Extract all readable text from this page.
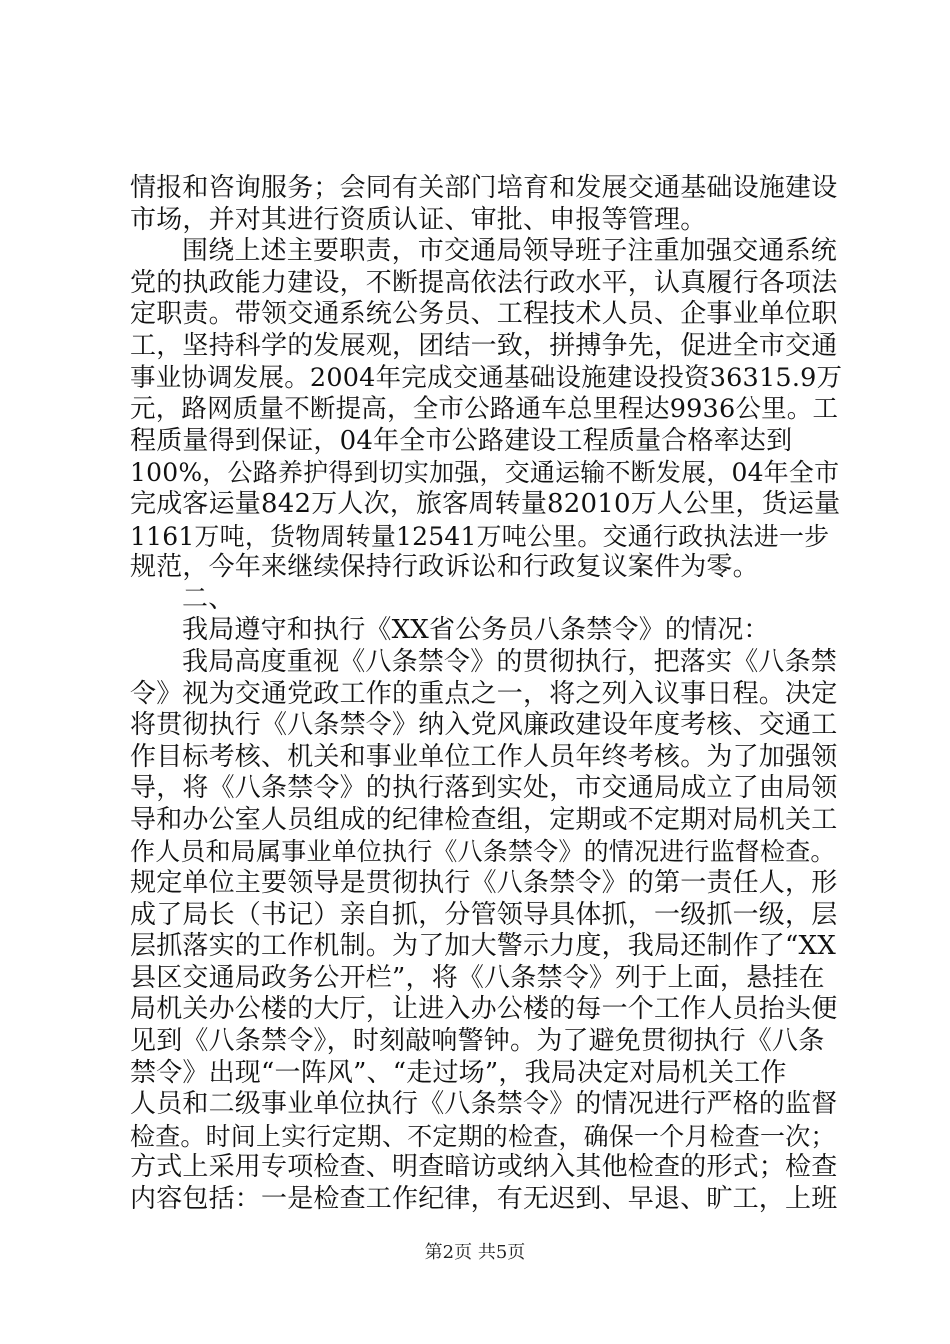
情报和咨询服务；会同有关部门培育和发展交通基础设施建设
市场，并对其进行资质认证、审批、申报等管理。
围绕上述主要职责，市交通局领导班子注重加强交通系统
党的执政能力建设，不断提高依法行政水平，认真履行各项法
定职责。带领交通系统公务员、工程技术人员、企事业单位职
工，坚持科学的发展观，团结一致，拼搏争先，促进全市交通
事业协调发展。2004年完成交通基础设施建设投资36315.9万
元，路网质量不断提高，全市公路通车总里程达9936公里。工
程质量得到保证，04年全市公路建设工程质量合格率达到
100%，公路养护得到切实加强，交通运输不断发展，04年全市
完成客运量842万人次，旅客周转量82010万人公里，货运量
1161万吨，货物周转量12541万吨公里。交通行政执法进一步
规范，今年来继续保持行政诉讼和行政复议案件为零。
二、
我局遵守和执行《XX省公务员八条禁令》的情况：
我局高度重视《八条禁令》的贯彻执行，把落实《八条禁
令》视为交通党政工作的重点之一，将之列入议事日程。决定
将贯彻执行《八条禁令》纳入党风廉政建设年度考核、交通工
作目标考核、机关和事业单位工作人员年终考核。为了加强领
导，将《八条禁令》的执行落到实处，市交通局成立了由局领
导和办公室人员组成的纪律检查组，定期或不定期对局机关工
作人员和局属事业单位执行《八条禁令》的情况进行监督检查。
规定单位主要领导是贯彻执行《八条禁令》的第一责任人，形
成了局长（书记）亲自抓，分管领导具体抓，一级抓一级，层
层抓落实的工作机制。为了加大警示力度，我局还制作了“XX
县区交通局政务公开栏”，将《八条禁令》列于上面，悬挂在
局机关办公楼的大厅，让进入办公楼的每一个工作人员抬头便
见到《八条禁令》，时刻敲响警钟。为了避免贯彻执行《八条
禁令》出现“一阵风”、“走过场”，我局决定对局机关工作
人员和二级事业单位执行《八条禁令》的情况进行严格的监督
检查。时间上实行定期、不定期的检查，确保一个月检查一次；
方式上采用专项检查、明查暗访或纳入其他检查的形式；检查
内容包括：一是检查工作纪律，有无迟到、早退、旷工，上班
第2页 共5页
